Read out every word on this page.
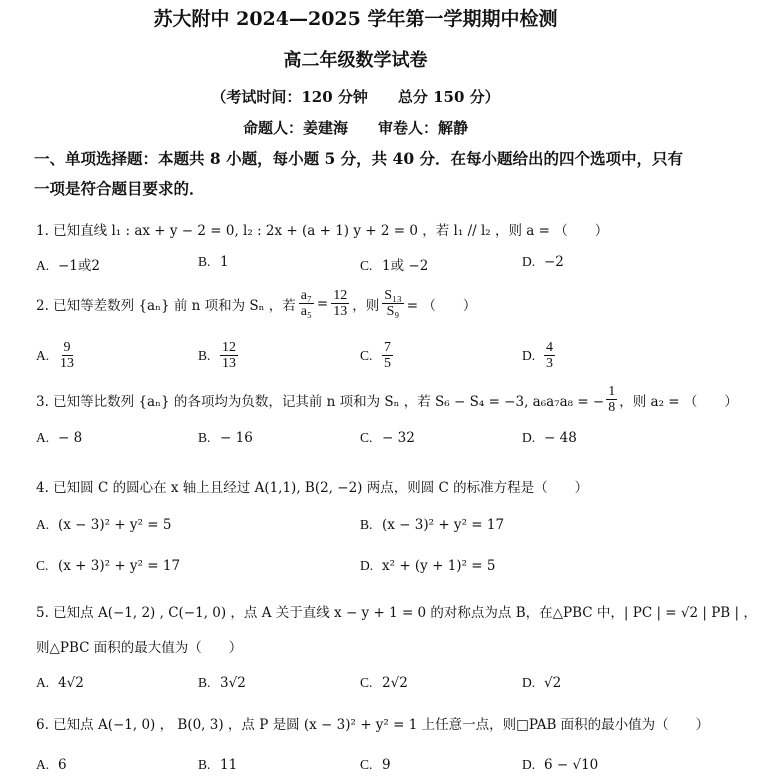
苏大附中 2024—2025 学年第一学期期中检测
高二年级数学试卷
（考试时间：120 分钟　　总分 150 分）
命题人：姜建海　　审卷人：解静
一、单项选择题：本题共 8 小题，每小题 5 分，共 40 分．在每小题给出的四个选项中，只有
一项是符合题目要求的．
1. 已知直线 l₁ : ax + y − 2 = 0, l₂ : 2x + (a + 1) y + 2 = 0 ，若 l₁ // l₂ ，则 a = （　　）
A. −1或2	B. 1	C. 1或 −2	D. −2
2. 已知等差数列 {aₙ} 前 n 项和为 Sₙ ，若 $\frac{\text{a₇}}{\text{a₅}} = \frac{12}{13}$ ，则 $\frac{\text{S₁₃}}{\text{S₉}}$ = （　　）
A. $\frac{9}{13}$	B. $\frac{12}{13}$	C. $\frac{7}{5}$	D. $\frac{4}{3}$
3. 已知等比数列 {aₙ} 的各项均为负数，记其前 n 项和为 Sₙ ，若 S₆ − S₄ = −3, a₆a₇a₈ = − $\frac{1}{8}$ ，则 a₂ = （　　）
A. − 8	B. − 16	C. − 32	D. − 48
4. 已知圆 C 的圆心在 x 轴上且经过 A(1,1), B(2, −2) 两点，则圆 C 的标准方程是（　　）
A. (x − 3)² + y² = 5	B. (x − 3)² + y² = 17
C. (x + 3)² + y² = 17	D. x² + (y + 1)² = 5
5. 已知点 A(−1, 2) , C(−1, 0) ，点 A 关于直线 x − y + 1 = 0 的对称点为点 B，在△PBC 中，| PC | = √2 | PB | ，
则△PBC 面积的最大值为（　　）
A. 4√2	B. 3√2	C. 2√2	D. √2
6. 已知点 A(−1, 0) ， B(0, 3) ，点 P 是圆 (x − 3)² + y² = 1 上任意一点，则□PAB 面积的最小值为（　　）
A. 6	B. 11	C. 9	D. 6 − √10
